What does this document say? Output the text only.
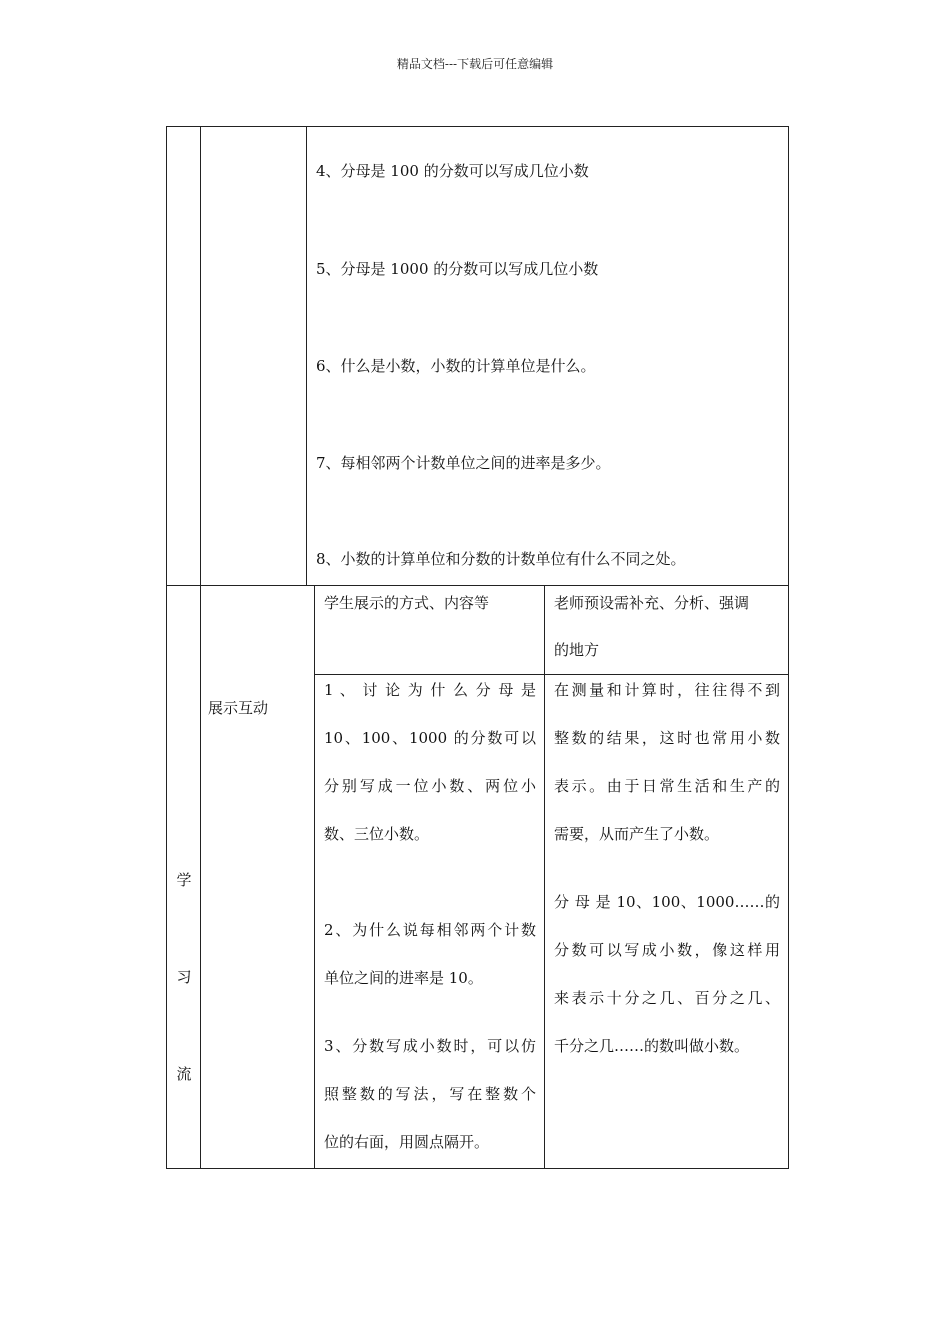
精品文档---下载后可任意编辑
4、分母是 100 的分数可以写成几位小数
5、分母是 1000 的分数可以写成几位小数
6、什么是小数，小数的计算单位是什么。
7、每相邻两个计数单位之间的进率是多少。
8、小数的计算单位和分数的计数单位有什么不同之处。
学
习
流
展示互动
学生展示的方式、内容等	老师预设需补充、分析、强调
的地方

1 、 讨 论 为 什 么 分 母 是

10、100、1000 的分数可以

分别写成一位小数、两位小

数、三位小数。

2、为什么说每相邻两个计数

单位之间的进率是 10。

3、分数写成小数时，可以仿

照整数的写法，写在整数个

位的右面，用圆点隔开。

在测量和计算时，往往得不到

整数的结果，这时也常用小数

表示。由于日常生活和生产的

需要，从而产生了小数。

分 母 是 10、100、1000……的

分数可以写成小数，像这样用

来表示十分之几、百分之几、

千分之几……的数叫做小数。
